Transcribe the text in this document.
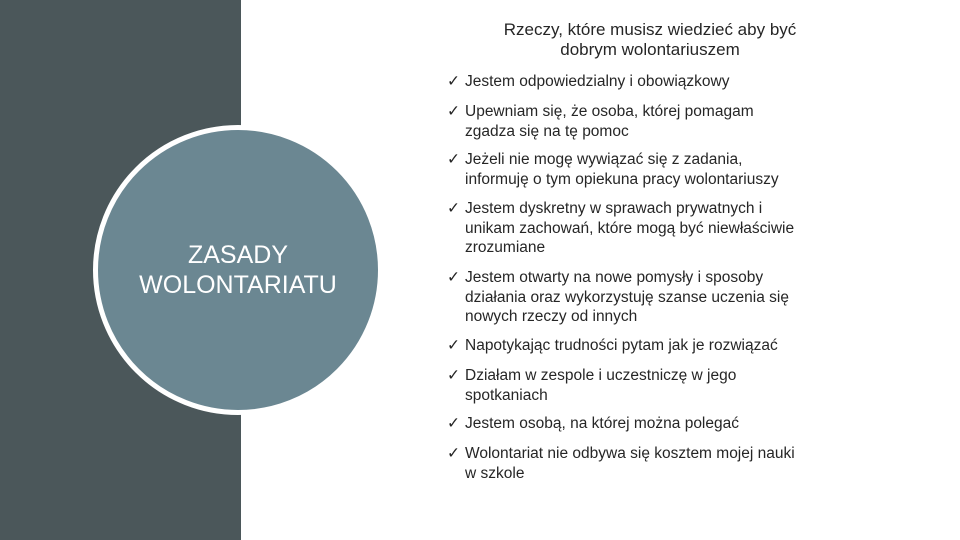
ZASADY
WOLONTARIATU
Rzeczy, które musisz wiedzieć aby być
dobrym wolontariuszem
✓ Jestem odpowiedzialny i obowiązkowy
✓ Upewniam się, że osoba, której pomagam
zgadza się na tę pomoc
✓ Jeżeli nie mogę wywiązać się z zadania,
informuję o tym opiekuna pracy wolontariuszy
✓ Jestem dyskretny w sprawach prywatnych i
unikam zachowań, które mogą być niewłaściwie
zrozumiane
✓ Jestem otwarty na nowe pomysły i sposoby
działania oraz wykorzystuję szanse uczenia się
nowych rzeczy od innych
✓ Napotykając trudności pytam jak je rozwiązać
✓ Działam w zespole i uczestniczę w jego
spotkaniach
✓ Jestem osobą, na której można polegać
✓ Wolontariat nie odbywa się kosztem mojej nauki
w szkole
